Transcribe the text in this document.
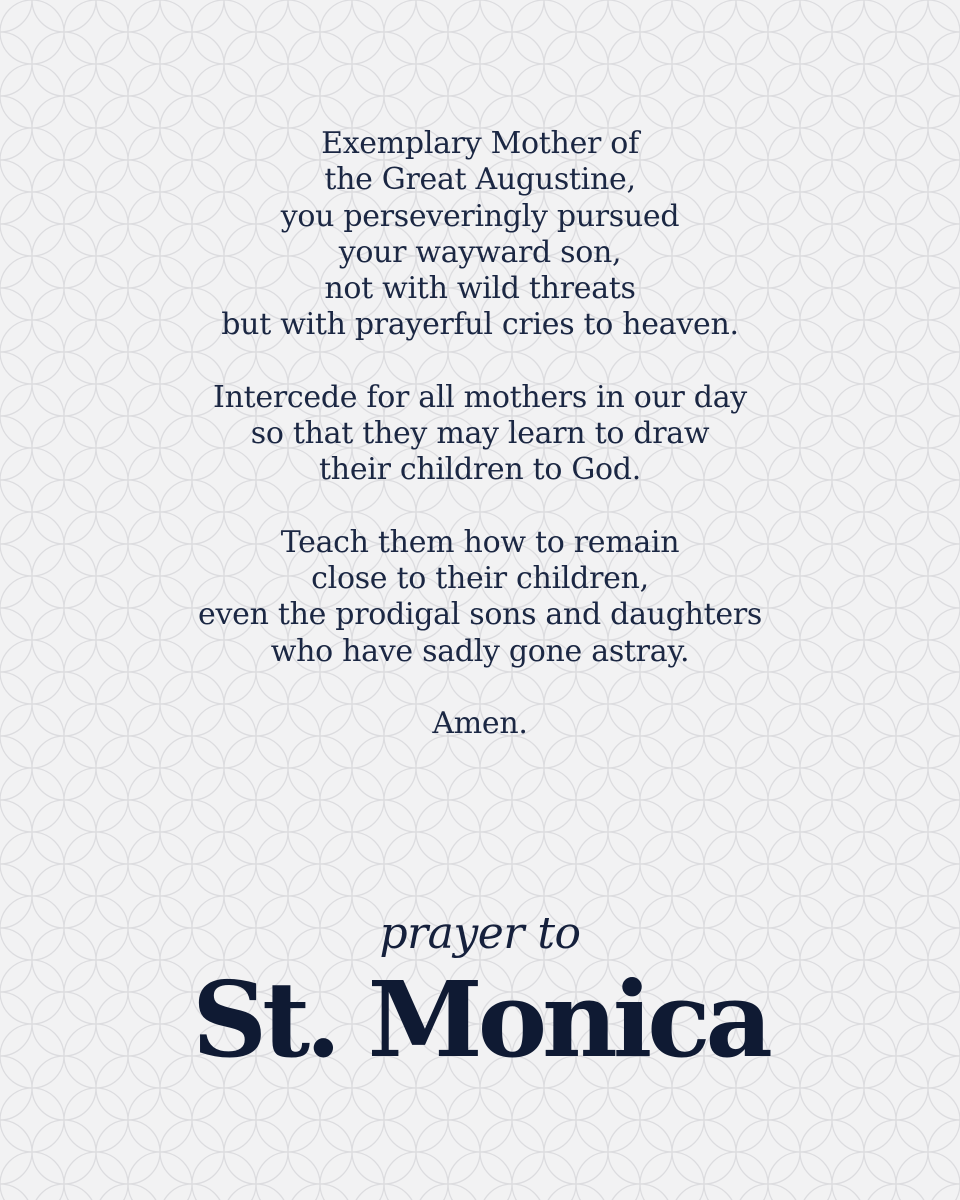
Exemplary Mother of
the Great Augustine,
you perseveringly pursued
your wayward son,
not with wild threats
but with prayerful cries to heaven.
Intercede for all mothers in our day
so that they may learn to draw
their children to God.
Teach them how to remain
close to their children,
even the prodigal sons and daughters
who have sadly gone astray.
Amen.
prayer to
St. Monica
